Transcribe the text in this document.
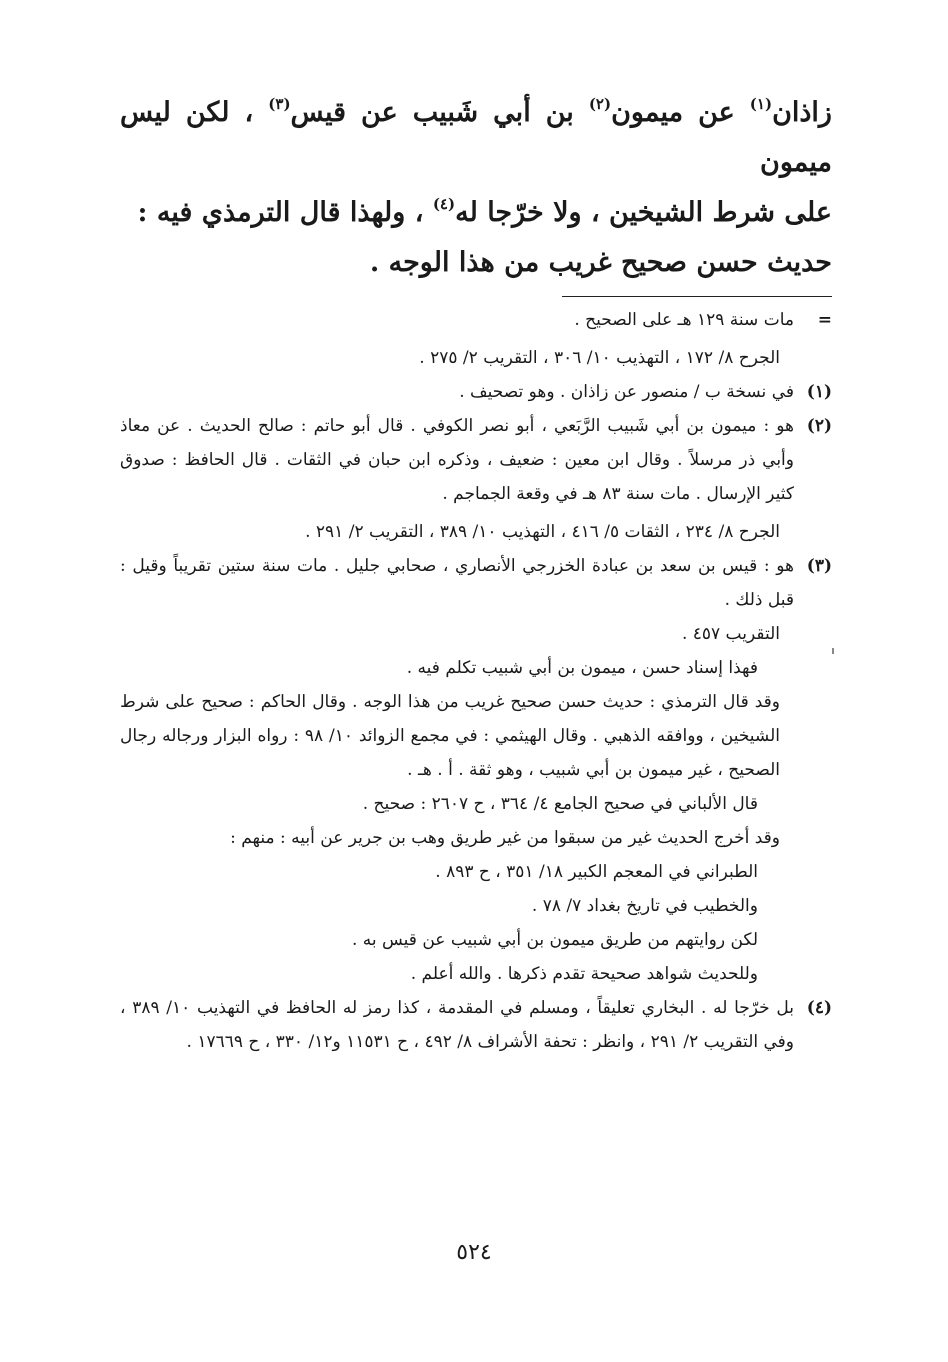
زاذان$^{(١)}$ عن ميمون$^{(٢)}$ بن أبي شَبيب عن قيس$^{(٣)}$ ، لكن ليس ميمون

على شرط الشيخين ، ولا خرّجا له$^{(٤)}$ ، ولهذا قال الترمذي فيه :

حديث حسن صحيح غريب من هذا الوجه .

=

مات سنة ١٢٩ هـ على الصحيح .

الجرح ٨/ ١٧٢ ، التهذيب ١٠/ ٣٠٦ ، التقريب ٢/ ٢٧٥ .

(١)

في نسخة ب / منصور عن زاذان . وهو تصحيف .

(٢)

هو : ميمون بن أبي شَبيب الرَّبَعي ، أبو نصر الكوفي . قال أبو حاتم : صالح الحديث . عن معاذ وأبي ذر مرسلاً . وقال ابن معين : ضعيف ، وذكره ابن حبان في الثقات . قال الحافظ : صدوق كثير الإرسال . مات سنة ٨٣ هـ في وقعة الجماجم .

الجرح ٨/ ٢٣٤ ، الثقات ٥/ ٤١٦ ، التهذيب ١٠/ ٣٨٩ ، التقريب ٢/ ٢٩١ .

(٣)

هو : قيس بن سعد بن عبادة الخزرجي الأنصاري ، صحابي جليل . مات سنة ستين تقريباً وقيل : قبل ذلك .

التقريب ٤٥٧ .

فهذا إسناد حسن ، ميمون بن أبي شبيب تكلم فيه .

وقد قال الترمذي : حديث حسن صحيح غريب من هذا الوجه . وقال الحاكم : صحيح على شرط الشيخين ، ووافقه الذهبي . وقال الهيثمي : في مجمع الزوائد ١٠/ ٩٨ : رواه البزار ورجاله رجال الصحيح ، غير ميمون بن أبي شبيب ، وهو ثقة . أ . هـ .

قال الألباني في صحيح الجامع ٤/ ٣٦٤ ، ح ٢٦٠٧ : صحيح .

وقد أخرج الحديث غير من سبقوا من غير طريق وهب بن جرير عن أبيه : منهم :

الطبراني في المعجم الكبير ١٨/ ٣٥١ ، ح ٨٩٣ .

والخطيب في تاريخ بغداد ٧/ ٧٨ .

لكن روايتهم من طريق ميمون بن أبي شبيب عن قيس به .

وللحديث شواهد صحيحة تقدم ذكرها . والله أعلم .

(٤)

بل خرّجا له . البخاري تعليقاً ، ومسلم في المقدمة ، كذا رمز له الحافظ في التهذيب ١٠/ ٣٨٩ ، وفي التقريب ٢/ ٢٩١ ، وانظر : تحفة الأشراف ٨/ ٤٩٢ ، ح ١١٥٣١ و١٢/ ٣٣٠ ، ح ١٧٦٦٩ .

٥٢٤
